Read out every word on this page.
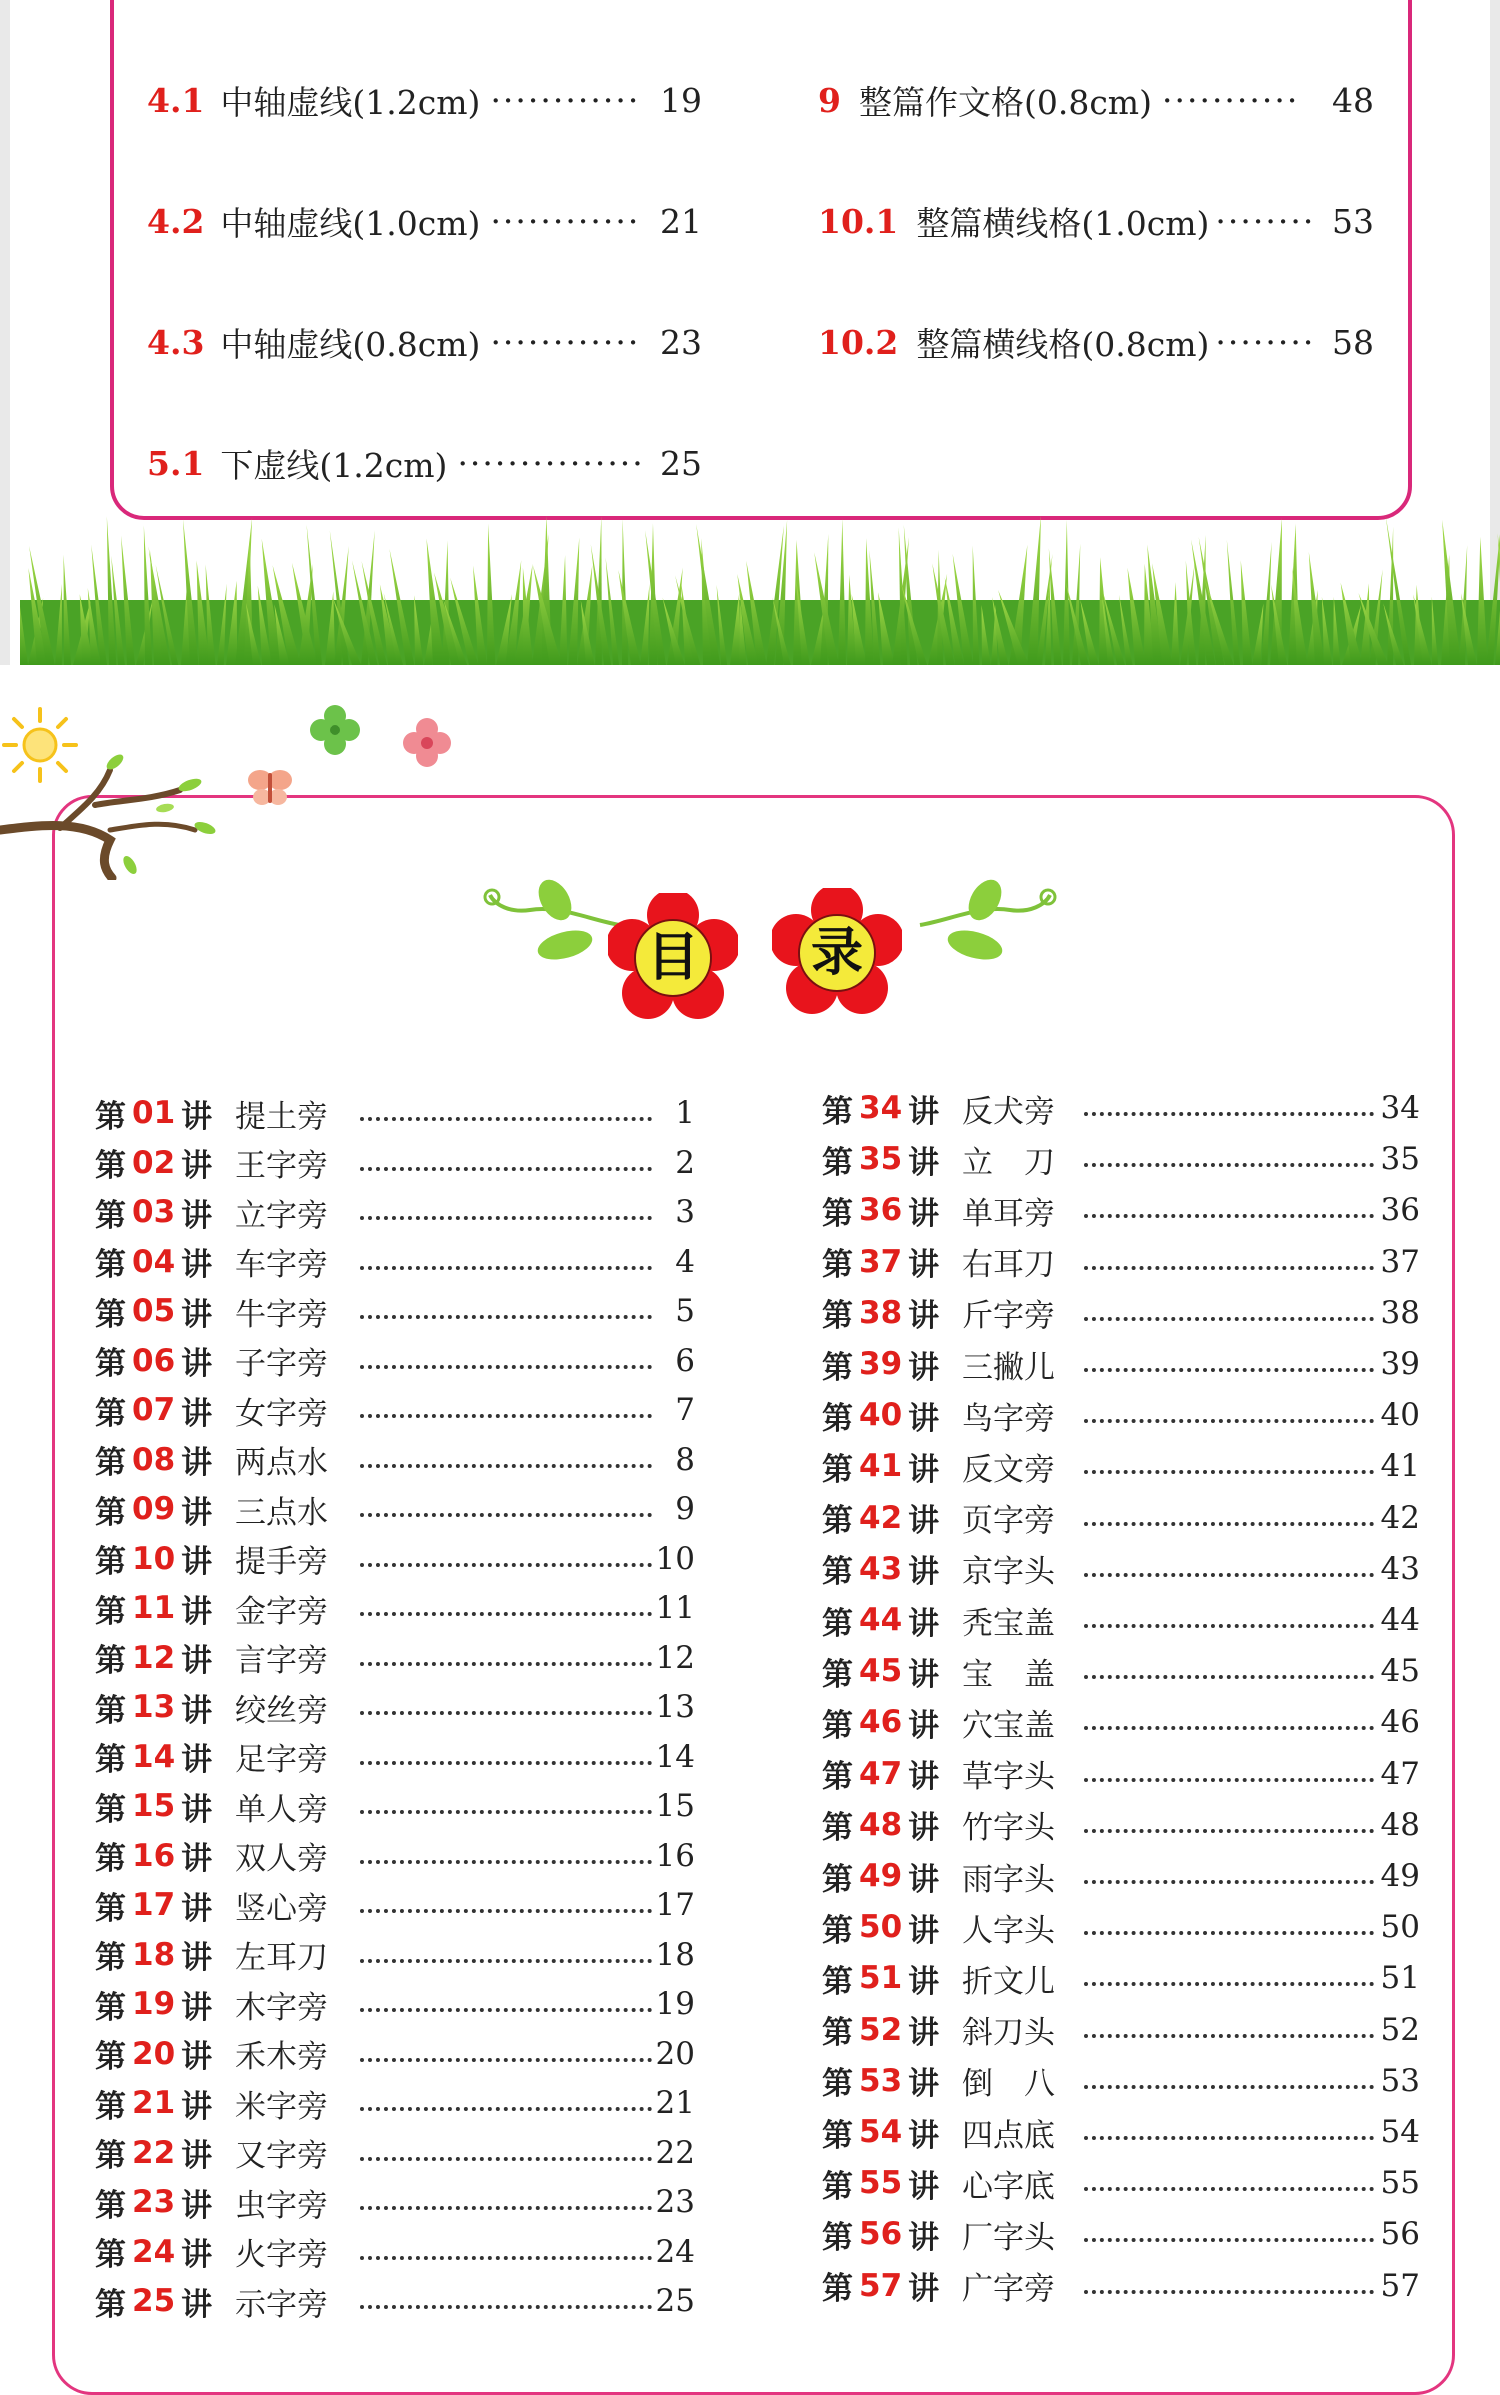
4.1 中轴虚线(1.2cm) ············ 19
4.2 中轴虚线(1.0cm) ············ 21
4.3 中轴虚线(0.8cm) ············ 23
5.1 下虚线(1.2cm) ··············· 25
9 整篇作文格(0.8cm) ··········· 48
10.1 整篇横线格(1.0cm) ········ 53
10.2 整篇横线格(0.8cm) ········ 58
目	录
第 01 讲 提土旁	1
第 02 讲 王字旁	2
第 03 讲 立字旁	3
第 04 讲 车字旁	4
第 05 讲 牛字旁	5
第 06 讲 子字旁	6
第 07 讲 女字旁	7
第 08 讲 两点水	8
第 09 讲 三点水	9
第 10 讲 提手旁	10
第 11 讲 金字旁	11
第 12 讲 言字旁	12
第 13 讲 绞丝旁	13
第 14 讲 足字旁	14
第 15 讲 单人旁	15
第 16 讲 双人旁	16
第 17 讲 竖心旁	17
第 18 讲 左耳刀	18
第 19 讲 木字旁	19
第 20 讲 禾木旁	20
第 21 讲 米字旁	21
第 22 讲 又字旁	22
第 23 讲 虫字旁	23
第 24 讲 火字旁	24
第 25 讲 示字旁	25
第 34 讲 反犬旁	34
第 35 讲 立　刀	35
第 36 讲 单耳旁	36
第 37 讲 右耳刀	37
第 38 讲 斤字旁	38
第 39 讲 三撇儿	39
第 40 讲 鸟字旁	40
第 41 讲 反文旁	41
第 42 讲 页字旁	42
第 43 讲 京字头	43
第 44 讲 秃宝盖	44
第 45 讲 宝　盖	45
第 46 讲 穴宝盖	46
第 47 讲 草字头	47
第 48 讲 竹字头	48
第 49 讲 雨字头	49
第 50 讲 人字头	50
第 51 讲 折文儿	51
第 52 讲 斜刀头	52
第 53 讲 倒　八	53
第 54 讲 四点底	54
第 55 讲 心字底	55
第 56 讲 厂字头	56
第 57 讲 广字旁	57
